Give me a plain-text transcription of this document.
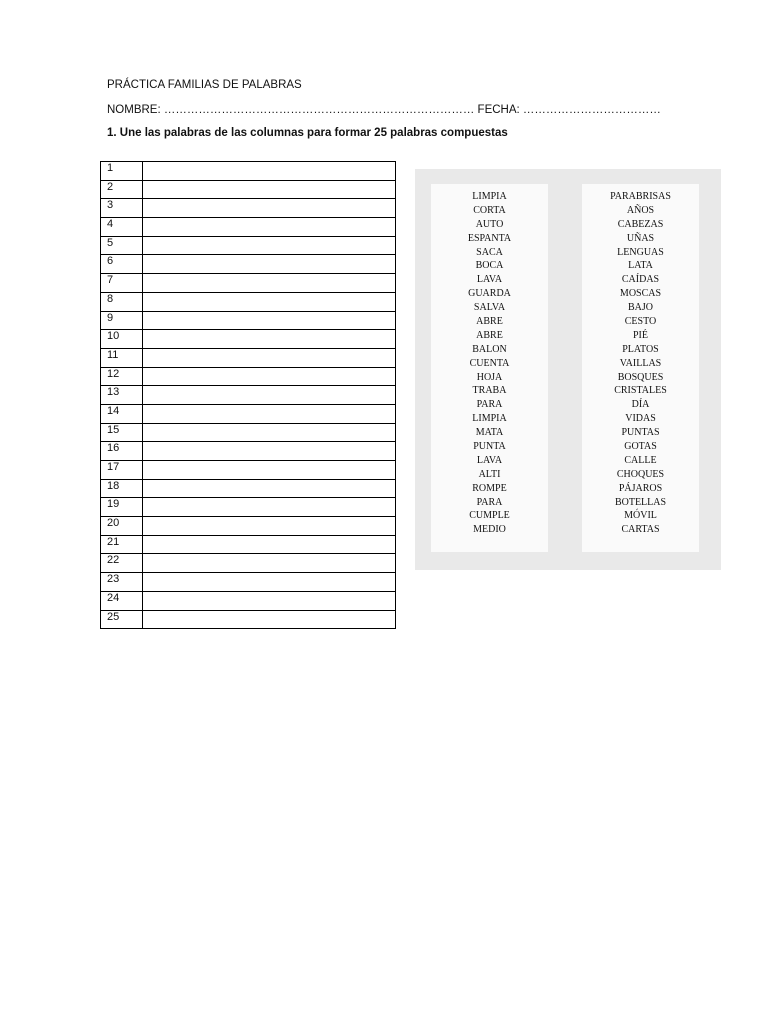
PRÁCTICA FAMILIAS DE PALABRAS
NOMBRE: ……………………………………………………………………… FECHA: ………………………………
1. Une las palabras de las columnas para formar 25 palabras compuestas
1	
2	
3	
4	
5	
6	
7	
8	
9	
10	
11	
12	
13	
14	
15	
16	
17	
18	
19	
20	
21	
22	
23	
24	
25	
LIMPIA
CORTA
AUTO
ESPANTA
SACA
BOCA
LAVA
GUARDA
SALVA
ABRE
ABRE
BALON
CUENTA
HOJA
TRABA
PARA
LIMPIA
MATA
PUNTA
LAVA
ALTI
ROMPE
PARA
CUMPLE
MEDIO
PARABRISAS
AÑOS
CABEZAS
UÑAS
LENGUAS
LATA
CAÍDAS
MOSCAS
BAJO
CESTO
PIÉ
PLATOS
VAILLAS
BOSQUES
CRISTALES
DÍA
VIDAS
PUNTAS
GOTAS
CALLE
CHOQUES
PÁJAROS
BOTELLAS
MÓVIL
CARTAS
